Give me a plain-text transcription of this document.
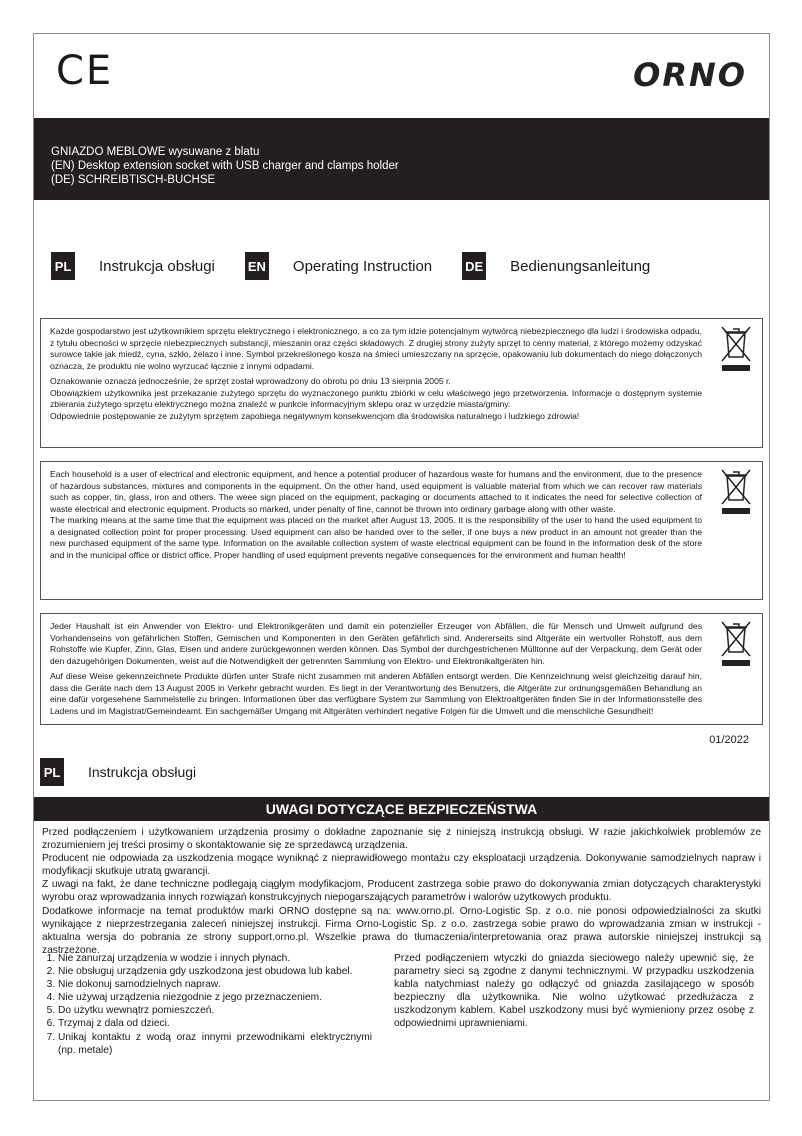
CE	ORNO
GNIAZDO MEBLOWE wysuwane z blatu
(EN) Desktop extension socket with USB charger and clamps holder
(DE) SCHREIBTISCH-BUCHSE
PL Instrukcja obsługi	EN Operating Instruction	DE Bedienungsanleitung

Każde gospodarstwo jest użytkownikiem sprzętu elektrycznego i elektronicznego, a co za tym idzie potencjalnym wytwórcą niebezpiecznego dla ludzi i środowiska odpadu, z tytułu obecności w sprzęcie niebezpiecznych substancji, mieszanin oraz części składowych. Z drugiej strony zużyty sprzęt to cenny materiał, z którego możemy odzyskać surowce takie jak miedź, cyna, szkło, żelazo i inne. Symbol przekreślonego kosza na śmieci umieszczany na sprzęcie, opakowaniu lub dokumentach do niego dołączonych oznacza, że produktu nie wolno wyrzucać łącznie z innymi odpadami.

Oznakowanie oznacza jednocześnie, że sprzęt został wprowadzony do obrotu po dniu 13 sierpnia 2005 r.

Obowiązkiem użytkownika jest przekazanie zużytego sprzętu do wyznaczonego punktu zbiórki w celu właściwego jego przetworzenia. Informacje o dostępnym systemie zbierania zużytego sprzętu elektrycznego można znaleźć w punkcie informacyjnym sklepu oraz w urzędzie miasta/gminy.

Odpowiednie postępowanie ze zużytym sprzętem zapobiega negatywnym konsekwencjom dla środowiska naturalnego i ludzkiego zdrowia!

Each household is a user of electrical and electronic equipment, and hence a potential producer of hazardous waste for humans and the environment, due to the presence of hazardous substances, mixtures and components in the equipment. On the other hand, used equipment is valuable material from which we can recover raw materials such as copper, tin, glass, iron and others. The weee sign placed on the equipment, packaging or documents attached to it indicates the need for selective collection of waste electrical and electronic equipment. Products so marked, under penalty of fine, cannot be thrown into ordinary garbage along with other waste.

The marking means at the same time that the equipment was placed on the market after August 13, 2005. It is the responsibility of the user to hand the used equipment to a designated collection point for proper processing. Used equipment can also be handed over to the seller, if one buys a new product in an amount not greater than the new purchased equipment of the same type. Information on the available collection system of waste electrical equipment can be found in the information desk of the store and in the municipal office or district office. Proper handling of used equipment prevents negative consequences for the environment and human health!

Jeder Haushalt ist ein Anwender von Elektro- und Elektronikgeräten und damit ein potenzieller Erzeuger von Abfällen, die für Mensch und Umwelt aufgrund des Vorhandenseins von gefährlichen Stoffen, Gemischen und Komponenten in den Geräten gefährlich sind. Andererseits sind Altgeräte ein wertvoller Rohstoff, aus dem Rohstoffe wie Kupfer, Zinn, Glas, Eisen und andere zurückgewonnen werden können. Das Symbol der durchgestrichenen Mülltonne auf der Verpackung, dem Gerät oder den dazugehörigen Dokumenten, weist auf die Notwendigkeit der getrennten Sammlung von Elektro- und Elektronikaltgeräten hin.

Auf diese Weise gekennzeichnete Produkte dürfen unter Strafe nicht zusammen mit anderen Abfällen entsorgt werden. Die Kennzeichnung weist gleichzeitig darauf hin, dass die Geräte nach dem 13 August 2005 in Verkehr gebracht wurden. Es liegt in der Verantwortung des Benutzers, die Altgeräte zur ordnungsgemäßen Behandlung an eine dafür vorgesehene Sammelstelle zu bringen. Informationen über das verfügbare System zur Sammlung von Elektroaltgeräten finden Sie in der Informationsstelle des Ladens und im Magistrat/Gemeindeamt. Ein sachgemäßer Umgang mit Altgeräten verhindert negative Folgen für die Umwelt und die menschliche Gesundheit!

01/2022
PL Instrukcja obsługi
UWAGI DOTYCZĄCE BEZPIECZEŃSTWA

Przed podłączeniem i użytkowaniem urządzenia prosimy o dokładne zapoznanie się z niniejszą instrukcją obsługi. W razie jakichkolwiek problemów ze zrozumieniem jej treści prosimy o skontaktowanie się ze sprzedawcą urządzenia.

Producent nie odpowiada za uszkodzenia mogące wyniknąć z nieprawidłowego montażu czy eksploatacji urządzenia. Dokonywanie samodzielnych napraw i modyfikacji skutkuje utratą gwarancji.

Z uwagi na fakt, że dane techniczne podlegają ciągłym modyfikacjom, Producent zastrzega sobie prawo do dokonywania zmian dotyczących charakterystyki wyrobu oraz wprowadzania innych rozwiązań konstrukcyjnych niepogarszających parametrów i walorów użytkowych produktu.

Dodatkowe informacje na temat produktów marki ORNO dostępne są na: www.orno.pl. Orno-Logistic Sp. z o.o. nie ponosi odpowiedzialności za skutki wynikające z nieprzestrzegania zaleceń niniejszej instrukcji. Firma Orno-Logistic Sp. z o.o. zastrzega sobie prawo do wprowadzania zmian w instrukcji - aktualna wersja do pobrania ze strony support.orno.pl. Wszelkie prawa do tłumaczenia/interpretowania oraz prawa autorskie niniejszej instrukcji są zastrzeżone.

1. Nie zanurzaj urządzenia w wodzie i innych płynach.
2. Nie obsługuj urządzenia gdy uszkodzona jest obudowa lub kabel.
3. Nie dokonuj samodzielnych napraw.
4. Nie używaj urządzenia niezgodnie z jego przeznaczeniem.
5. Do użytku wewnątrz pomieszczeń.
6. Trzymaj z dala od dzieci.
7. Unikaj kontaktu z wodą oraz innymi przewodnikami elektrycznymi (np. metale)

Przed podłączeniem wtyczki do gniazda sieciowego należy upewnić się, że parametry sieci są zgodne z danymi technicznymi. W przypadku uszkodzenia kabla natychmiast należy go odłączyć od gniazda zasilającego w sposób bezpieczny dla użytkownika. Nie wolno użytkować przedłużacza z uszkodzonym kablem. Kabel uszkodzony musi być wymieniony przez osobę z odpowiednimi uprawnieniami.
